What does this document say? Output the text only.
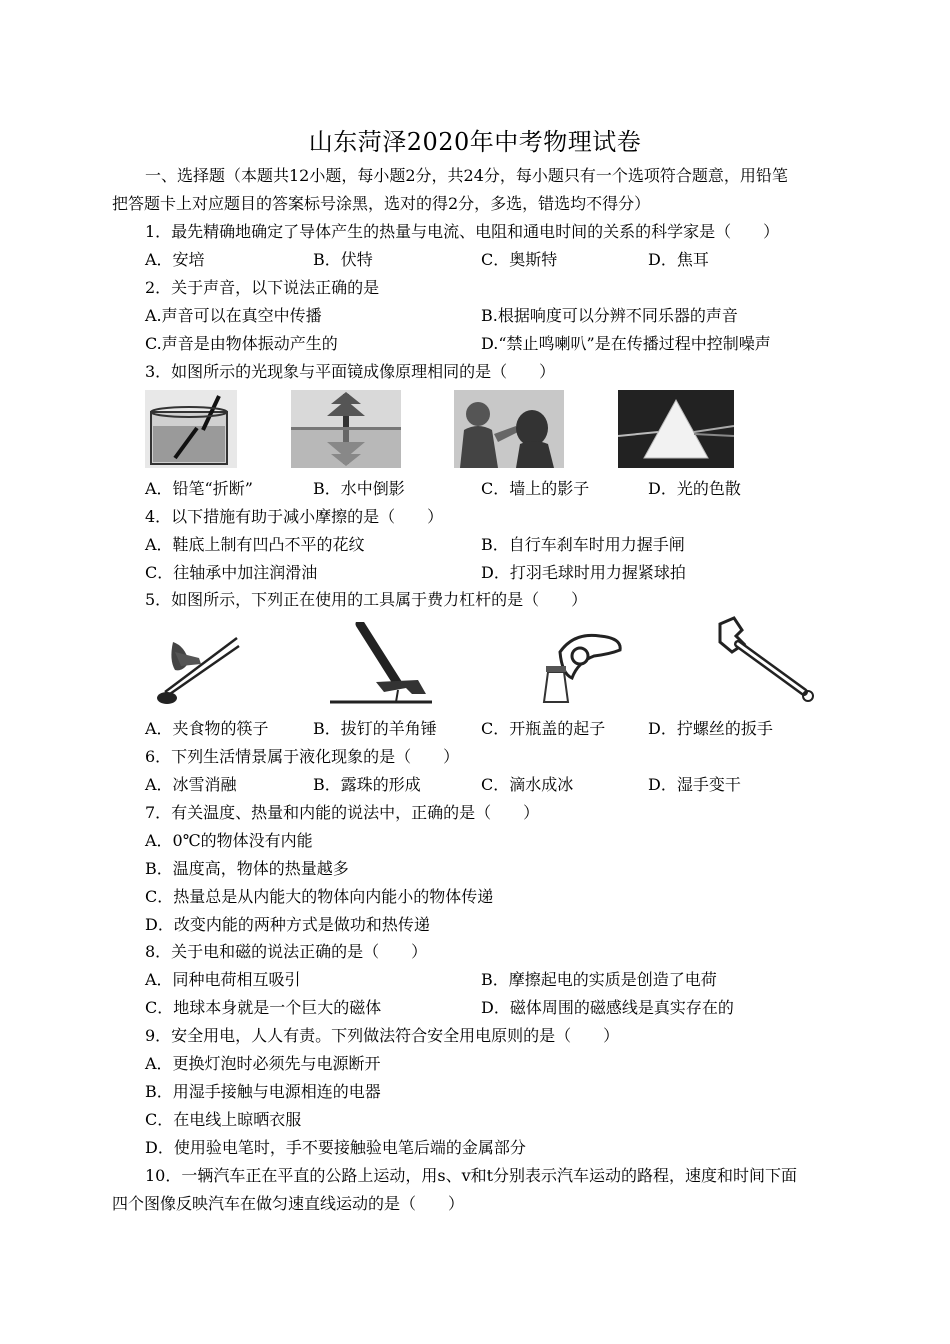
山东菏泽2020年中考物理试卷
一、选择题（本题共12小题，每小题2分，共24分，每小题只有一个选项符合题意，用铅笔
把答题卡上对应题目的答案标号涂黑，选对的得2分，多选，错选均不得分）
1．最先精确地确定了导体产生的热量与电流、电阻和通电时间的关系的科学家是（　　）
A．安培	B．伏特	C．奥斯特	D．焦耳
2．关于声音，以下说法正确的是
A.声音可以在真空中传播	B.根据响度可以分辨不同乐器的声音
C.声音是由物体振动产生的	D.“禁止鸣喇叭”是在传播过程中控制噪声
3．如图所示的光现象与平面镜成像原理相同的是（　　）
A．铅笔“折断”	B．水中倒影	C．墙上的影子	D．光的色散
4．以下措施有助于减小摩擦的是（　　）
A．鞋底上制有凹凸不平的花纹	B．自行车刹车时用力握手闸
C．往轴承中加注润滑油	D．打羽毛球时用力握紧球拍
5．如图所示，下列正在使用的工具属于费力杠杆的是（　　）
A．夹食物的筷子	B．拔钉的羊角锤	C．开瓶盖的起子	D．拧螺丝的扳手
6．下列生活情景属于液化现象的是（　　）
A．冰雪消融	B．露珠的形成	C．滴水成冰	D．湿手变干
7．有关温度、热量和内能的说法中，正确的是（　　）
A．0℃的物体没有内能
B．温度高，物体的热量越多
C．热量总是从内能大的物体向内能小的物体传递
D．改变内能的两种方式是做功和热传递
8．关于电和磁的说法正确的是（　　）
A．同种电荷相互吸引	B．摩擦起电的实质是创造了电荷
C．地球本身就是一个巨大的磁体	D．磁体周围的磁感线是真实存在的
9．安全用电，人人有责。下列做法符合安全用电原则的是（　　）
A．更换灯泡时必须先与电源断开
B．用湿手接触与电源相连的电器
C．在电线上晾晒衣服
D．使用验电笔时，手不要接触验电笔后端的金属部分
10．一辆汽车正在平直的公路上运动，用s、v和t分别表示汽车运动的路程，速度和时间下面
四个图像反映汽车在做匀速直线运动的是（　　）
